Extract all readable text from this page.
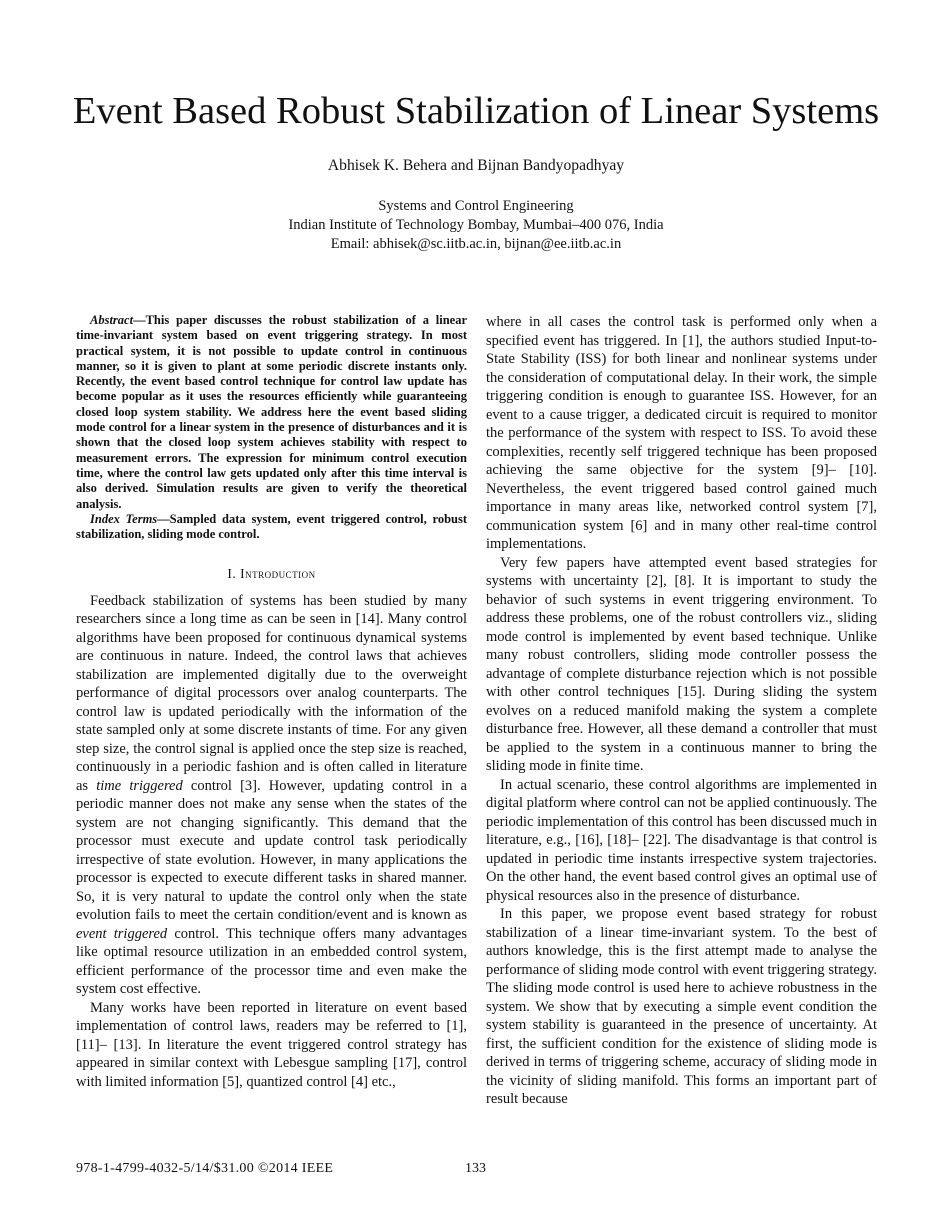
Event Based Robust Stabilization of Linear Systems
Abhisek K. Behera and Bijnan Bandyopadhyay
Systems and Control Engineering
Indian Institute of Technology Bombay, Mumbai–400 076, India
Email: abhisek@sc.iitb.ac.in, bijnan@ee.iitb.ac.in

Abstract—This paper discusses the robust stabilization of a linear time-invariant system based on event triggering strategy. In most practical system, it is not possible to update control in continuous manner, so it is given to plant at some periodic discrete instants only. Recently, the event based control technique for control law update has become popular as it uses the resources efficiently while guaranteeing closed loop system stability. We address here the event based sliding mode control for a linear system in the presence of disturbances and it is shown that the closed loop system achieves stability with respect to measurement errors. The expression for minimum control execution time, where the control law gets updated only after this time interval is also derived. Simulation results are given to verify the theoretical analysis.

Index Terms—Sampled data system, event triggered control, robust stabilization, sliding mode control.

I. Introduction

Feedback stabilization of systems has been studied by many researchers since a long time as can be seen in [14]. Many control algorithms have been proposed for continuous dynamical systems are continuous in nature. Indeed, the control laws that achieves stabilization are implemented digitally due to the overweight performance of digital processors over analog counterparts. The control law is updated periodically with the information of the state sampled only at some discrete instants of time. For any given step size, the control signal is applied once the step size is reached, continuously in a periodic fashion and is often called in literature as time triggered control [3]. However, updating control in a periodic manner does not make any sense when the states of the system are not changing significantly. This demand that the processor must execute and update control task periodically irrespective of state evolution. However, in many applications the processor is expected to execute different tasks in shared manner. So, it is very natural to update the control only when the state evolution fails to meet the certain condition/event and is known as event triggered control. This technique offers many advantages like optimal resource utilization in an embedded control system, efficient performance of the processor time and even make the system cost effective.

Many works have been reported in literature on event based implementation of control laws, readers may be referred to [1], [11]– [13]. In literature the event triggered control strategy has appeared in similar context with Lebesgue sampling [17], control with limited information [5], quantized control [4] etc.,

where in all cases the control task is performed only when a specified event has triggered. In [1], the authors studied Input-to-State Stability (ISS) for both linear and nonlinear systems under the consideration of computational delay. In their work, the simple triggering condition is enough to guarantee ISS. However, for an event to a cause trigger, a dedicated circuit is required to monitor the performance of the system with respect to ISS. To avoid these complexities, recently self triggered technique has been proposed achieving the same objective for the system [9]– [10]. Nevertheless, the event triggered based control gained much importance in many areas like, networked control system [7], communication system [6] and in many other real-time control implementations.

Very few papers have attempted event based strategies for systems with uncertainty [2], [8]. It is important to study the behavior of such systems in event triggering environment. To address these problems, one of the robust controllers viz., sliding mode control is implemented by event based technique. Unlike many robust controllers, sliding mode controller possess the advantage of complete disturbance rejection which is not possible with other control techniques [15]. During sliding the system evolves on a reduced manifold making the system a complete disturbance free. However, all these demand a controller that must be applied to the system in a continuous manner to bring the sliding mode in finite time.

In actual scenario, these control algorithms are implemented in digital platform where control can not be applied continuously. The periodic implementation of this control has been discussed much in literature, e.g., [16], [18]– [22]. The disadvantage is that control is updated in periodic time instants irrespective system trajectories. On the other hand, the event based control gives an optimal use of physical resources also in the presence of disturbance.

In this paper, we propose event based strategy for robust stabilization of a linear time-invariant system. To the best of authors knowledge, this is the first attempt made to analyse the performance of sliding mode control with event triggering strategy. The sliding mode control is used here to achieve robustness in the system. We show that by executing a simple event condition the system stability is guaranteed in the presence of uncertainty. At first, the sufficient condition for the existence of sliding mode is derived in terms of triggering scheme, accuracy of sliding mode in the vicinity of sliding manifold. This forms an important part of result because

978-1-4799-4032-5/14/$31.00 ©2014 IEEE	133
